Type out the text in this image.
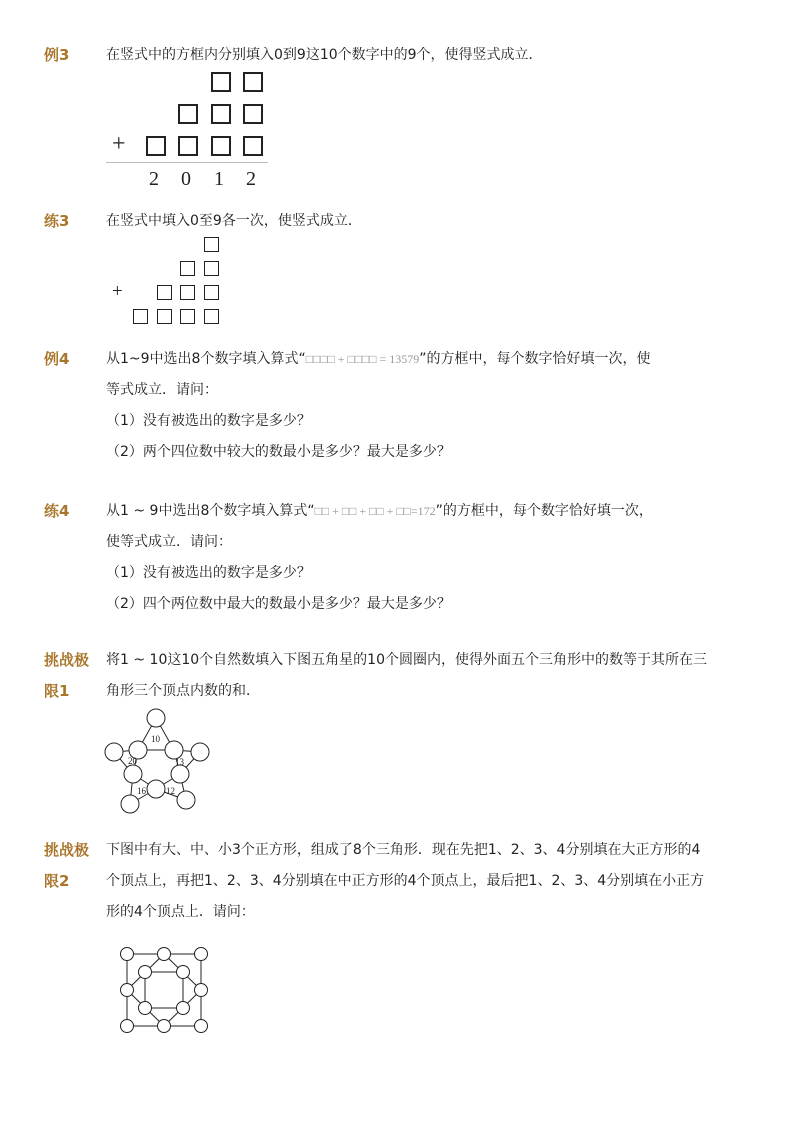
例3	在竖式中的方框内分别填入0到9这10个数字中的9个，使得竖式成立．
+
2 0 1 2
练3	在竖式中填入0至9各一次，使竖式成立．
+
例4	从1~9中选出8个数字填入算式“□□□□ + □□□□ = 13579”的方框中，每个数字恰好填一次，使
等式成立．请问：
（1）没有被选出的数字是多少？
（2）两个四位数中较大的数最小是多少？最大是多少？
练4	从1 ~ 9中选出8个数字填入算式“□□ + □□ + □□ + □□=172”的方框中，每个数字恰好填一次，
使等式成立．请问：
（1）没有被选出的数字是多少？
（2）四个两位数中最大的数最小是多少？最大是多少？
挑战极
限1
将1 ~ 10这10个自然数填入下图五角星的10个圆圈内，使得外面五个三角形中的数等于其所在三
角形三个顶点内数的和．
10
13
12
16
20
挑战极
限2
下图中有大、中、小3个正方形，组成了8个三角形．现在先把1、2、3、4分别填在大正方形的4
个顶点上，再把1、2、3、4分别填在中正方形的4个顶点上，最后把1、2、3、4分别填在小正方
形的4个顶点上．请问：
